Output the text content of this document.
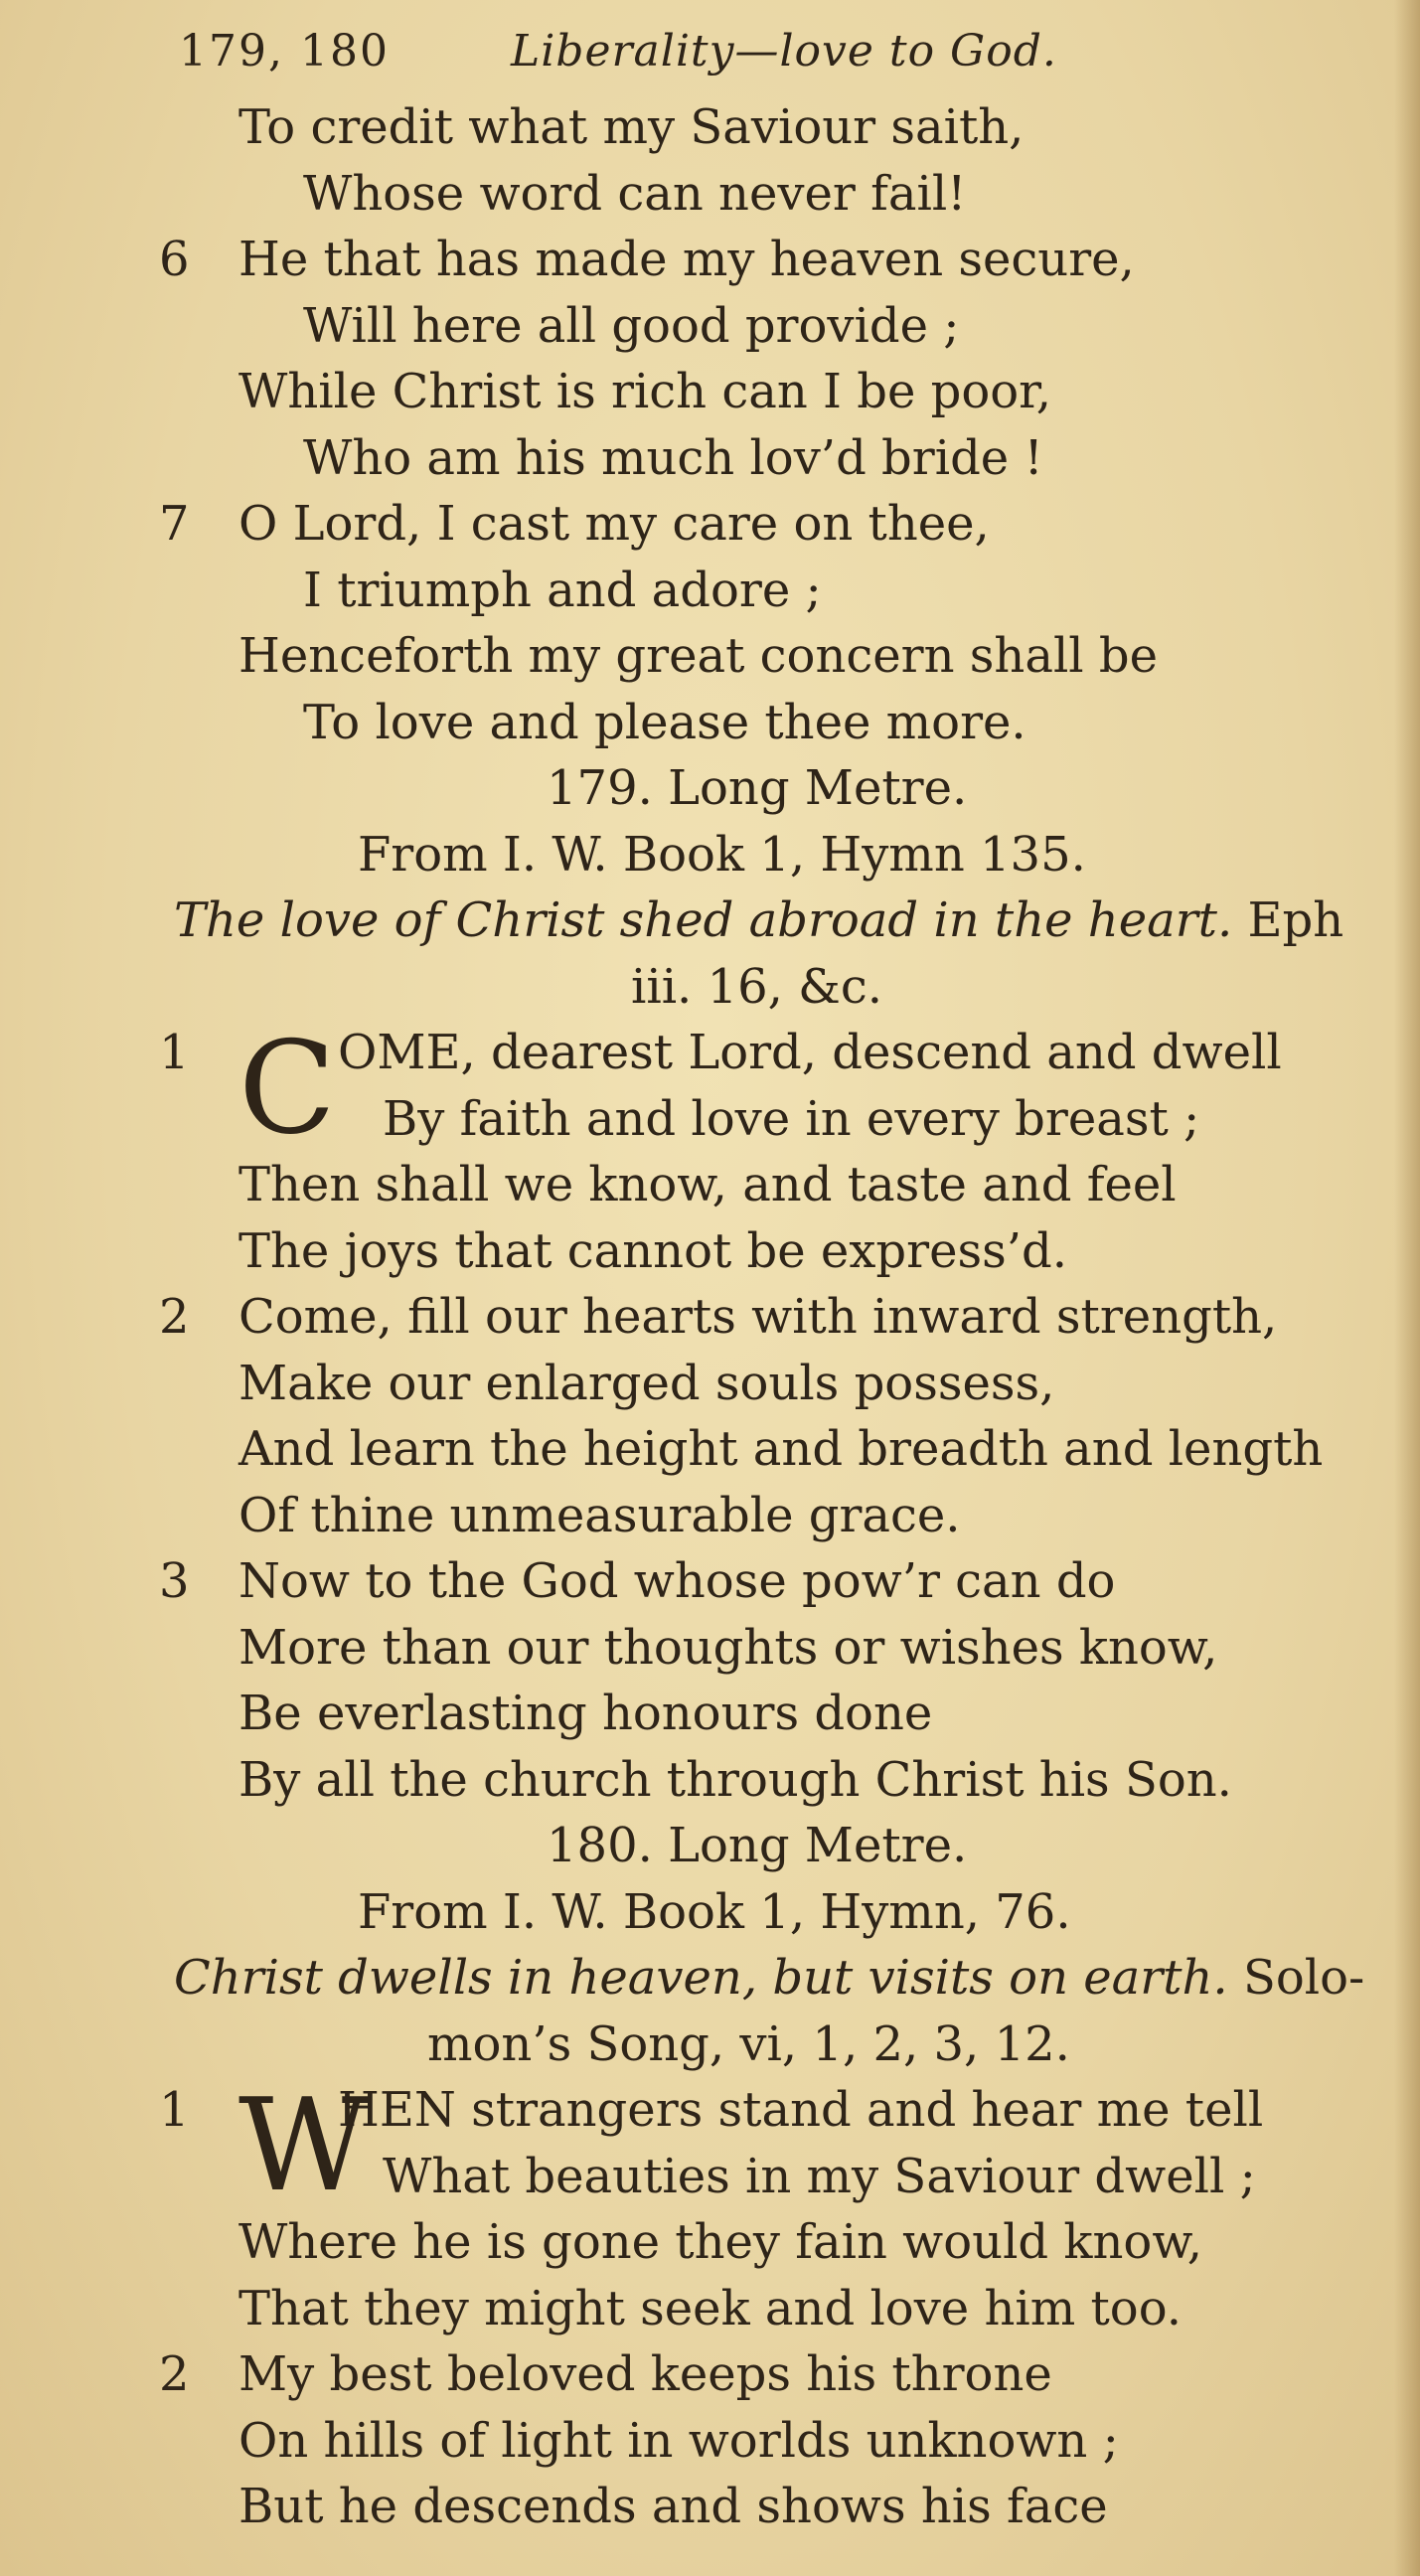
179, 180	Liberality—love to God.
To credit what my Saviour saith,
Whose word can never fail!
6 He that has made my heaven secure,
Will here all good provide ;
While Christ is rich can I be poor,
Who am his much lov’d bride !
7 O Lord, I cast my care on thee,
I triumph and adore ;
Henceforth my great concern shall be
To love and please thee more.
179. Long Metre.
From I. W. Book 1, Hymn 135.
The love of Christ shed abroad in the heart. Eph
iii. 16, &c.
1 C OME, dearest Lord, descend and dwell
By faith and love in every breast ;
Then shall we know, and taste and feel
The joys that cannot be express’d.
2 Come, fill our hearts with inward strength,
Make our enlarged souls possess,
And learn the height and breadth and length
Of thine unmeasurable grace.
3 Now to the God whose pow’r can do
More than our thoughts or wishes know,
Be everlasting honours done
By all the church through Christ his Son.
180. Long Metre.
From I. W. Book 1, Hymn, 76.
Christ dwells in heaven, but visits on earth. Solo-
mon’s Song, vi, 1, 2, 3, 12.
1 W
HEN strangers stand and hear me tell
What beauties in my Saviour dwell ;
Where he is gone they fain would know,
That they might seek and love him too.
2 My best beloved keeps his throne
On hills of light in worlds unknown ;
But he descends and shows his face
